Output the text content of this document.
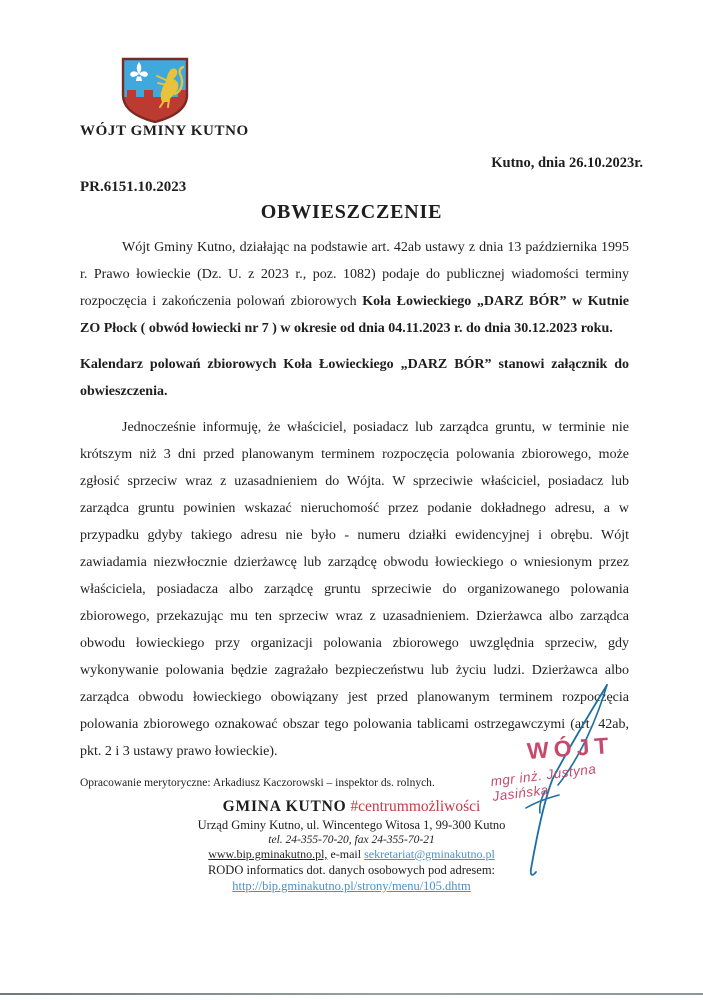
WÓJT GMINY KUTNO
Kutno, dnia 26.10.2023r.
PR.6151.10.2023
OBWIESZCZENIE

Wójt Gminy Kutno, działając na podstawie art. 42ab ustawy z dnia 13 października 1995 r. Prawo łowieckie (Dz. U. z 2023 r., poz. 1082) podaje do publicznej wiadomości terminy rozpoczęcia i zakończenia polowań zbiorowych Koła Łowieckiego „DARZ BÓR” w Kutnie ZO Płock ( obwód łowiecki nr 7 ) w okresie od dnia 04.11.2023 r. do dnia 30.12.2023 roku.

Kalendarz polowań zbiorowych Koła Łowieckiego „DARZ BÓR” stanowi załącznik do obwieszczenia.

Jednocześnie informuję, że właściciel, posiadacz lub zarządca gruntu, w terminie nie krótszym niż 3 dni przed planowanym terminem rozpoczęcia polowania zbiorowego, może zgłosić sprzeciw wraz z uzasadnieniem do Wójta. W sprzeciwie właściciel, posiadacz lub zarządca gruntu powinien wskazać nieruchomość przez podanie dokładnego adresu, a w przypadku gdyby takiego adresu nie było - numeru działki ewidencyjnej i obrębu. Wójt zawiadamia niezwłocznie dzierżawcę lub zarządcę obwodu łowieckiego o wniesionym przez właściciela, posiadacza albo zarządcę gruntu sprzeciwie do organizowanego polowania zbiorowego, przekazując mu ten sprzeciw wraz z uzasadnieniem. Dzierżawca albo zarządca obwodu łowieckiego przy organizacji polowania zbiorowego uwzględnia sprzeciw, gdy wykonywanie polowania będzie zagrażało bezpieczeństwu lub życiu ludzi. Dzierżawca albo zarządca obwodu łowieckiego obowiązany jest przed planowanym terminem rozpoczęcia polowania zbiorowego oznakować obszar tego polowania tablicami ostrzegawczymi (art. 42ab, pkt. 2 i 3 ustawy prawo łowieckie).	WÓJT
mgr inż. Justyna Jasińska
Opracowanie merytoryczne: Arkadiusz Kaczorowski – inspektor ds. rolnych.
GMINA KUTNO #centrummożliwości
Urząd Gminy Kutno, ul. Wincentego Witosa 1, 99-300 Kutno
tel. 24-355-70-20, fax 24-355-70-21
www.bip.gminakutno.pl, e-mail sekretariat@gminakutno.pl
RODO informatics dot. danych osobowych pod adresem:
http://bip.gminakutno.pl/strony/menu/105.dhtm
